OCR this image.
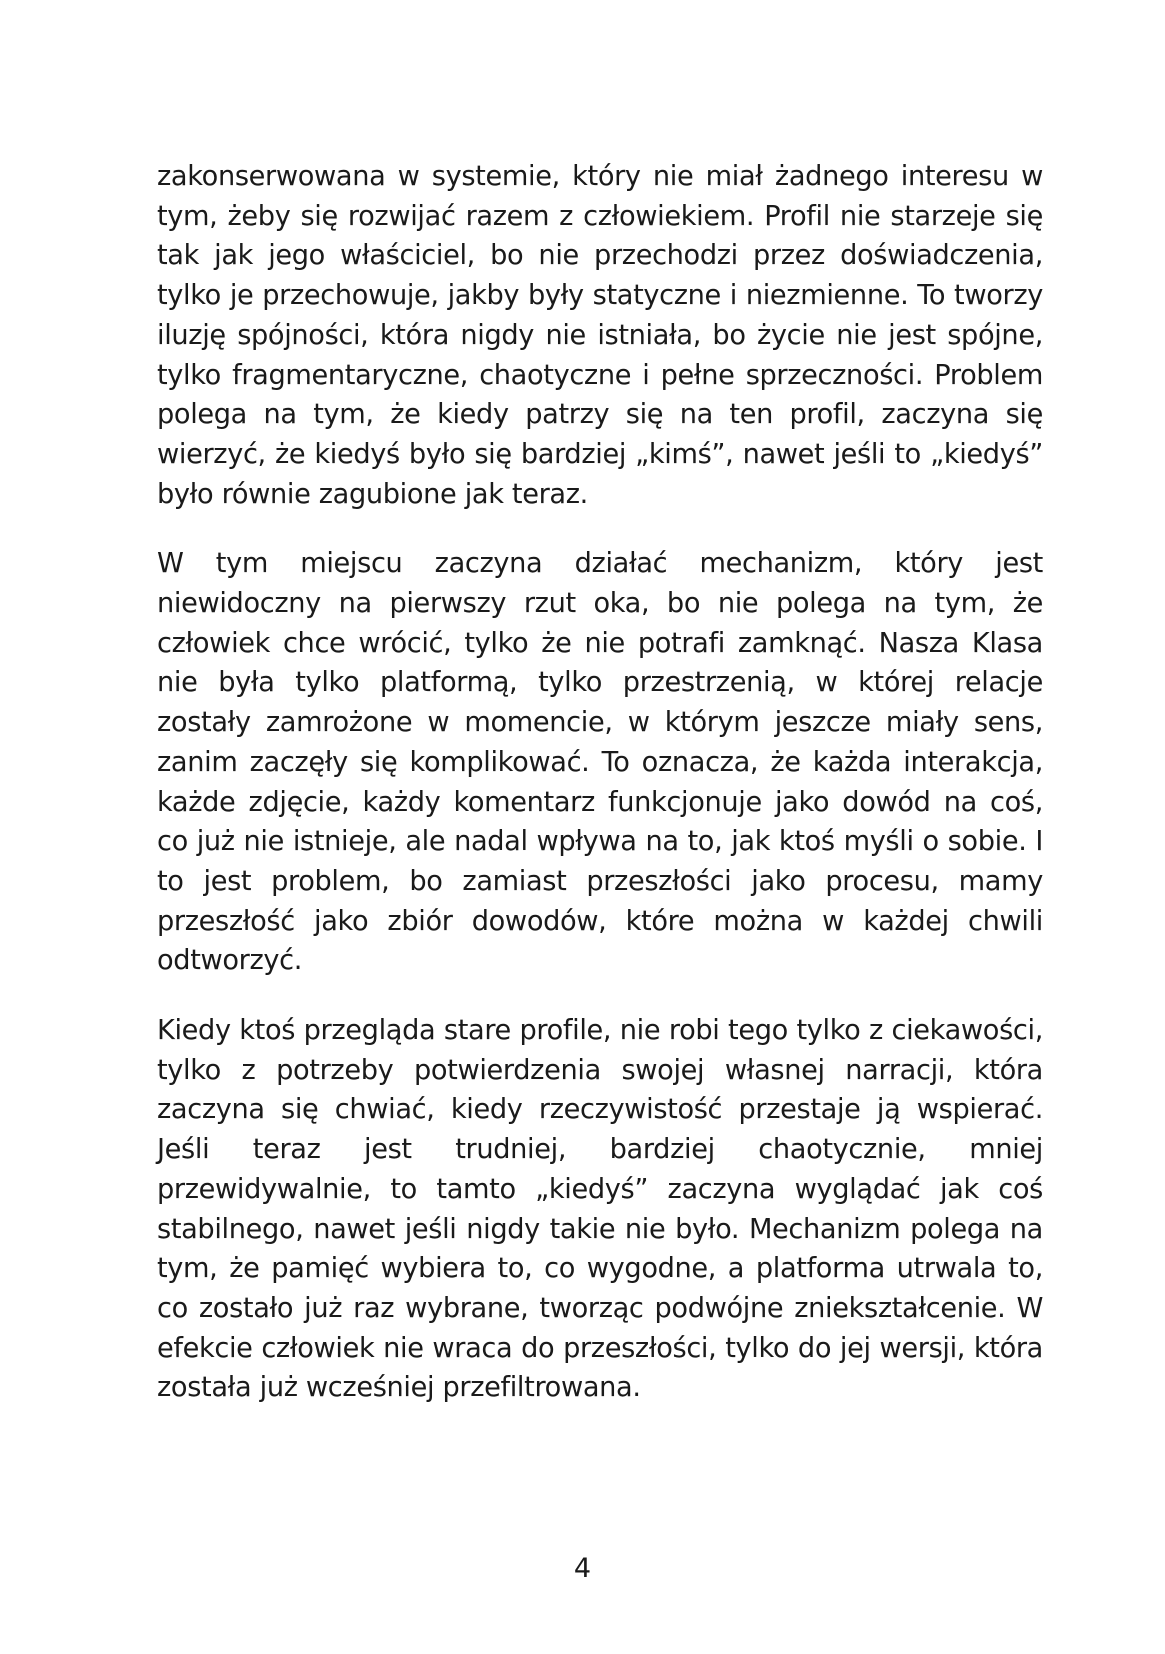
zakonserwowana w systemie, który nie miał żadnego interesu w tym, żeby się rozwijać razem z człowiekiem. Profil nie starzeje się tak jak jego właściciel, bo nie przechodzi przez doświadczenia, tylko je przechowuje, jakby były statyczne i niezmienne. To tworzy iluzję spójności, która nigdy nie istniała, bo życie nie jest spójne, tylko fragmentaryczne, chaotyczne i pełne sprzeczności. Problem polega na tym, że kiedy patrzy się na ten profil, zaczyna się wierzyć, że kiedyś było się bardziej „kimś”, nawet jeśli to „kiedyś” było równie zagubione jak teraz.

W tym miejscu zaczyna działać mechanizm, który jest niewidoczny na pierwszy rzut oka, bo nie polega na tym, że człowiek chce wrócić, tylko że nie potrafi zamknąć. Nasza Klasa nie była tylko platformą, tylko przestrzenią, w której relacje zostały zamrożone w momencie, w którym jeszcze miały sens, zanim zaczęły się komplikować. To oznacza, że każda interakcja, każde zdjęcie, każdy komentarz funkcjonuje jako dowód na coś, co już nie istnieje, ale nadal wpływa na to, jak ktoś myśli o sobie. I to jest problem, bo zamiast przeszłości jako procesu, mamy przeszłość jako zbiór dowodów, które można w każdej chwili odtworzyć.

Kiedy ktoś przegląda stare profile, nie robi tego tylko z ciekawości, tylko z potrzeby potwierdzenia swojej własnej narracji, która zaczyna się chwiać, kiedy rzeczywistość przestaje ją wspierać. Jeśli teraz jest trudniej, bardziej chaotycznie, mniej przewidywalnie, to tamto „kiedyś” zaczyna wyglądać jak coś stabilnego, nawet jeśli nigdy takie nie było. Mechanizm polega na tym, że pamięć wybiera to, co wygodne, a platforma utrwala to, co zostało już raz wybrane, tworząc podwójne zniekształcenie. W efekcie człowiek nie wraca do przeszłości, tylko do jej wersji, która została już wcześniej przefiltrowana.

4
